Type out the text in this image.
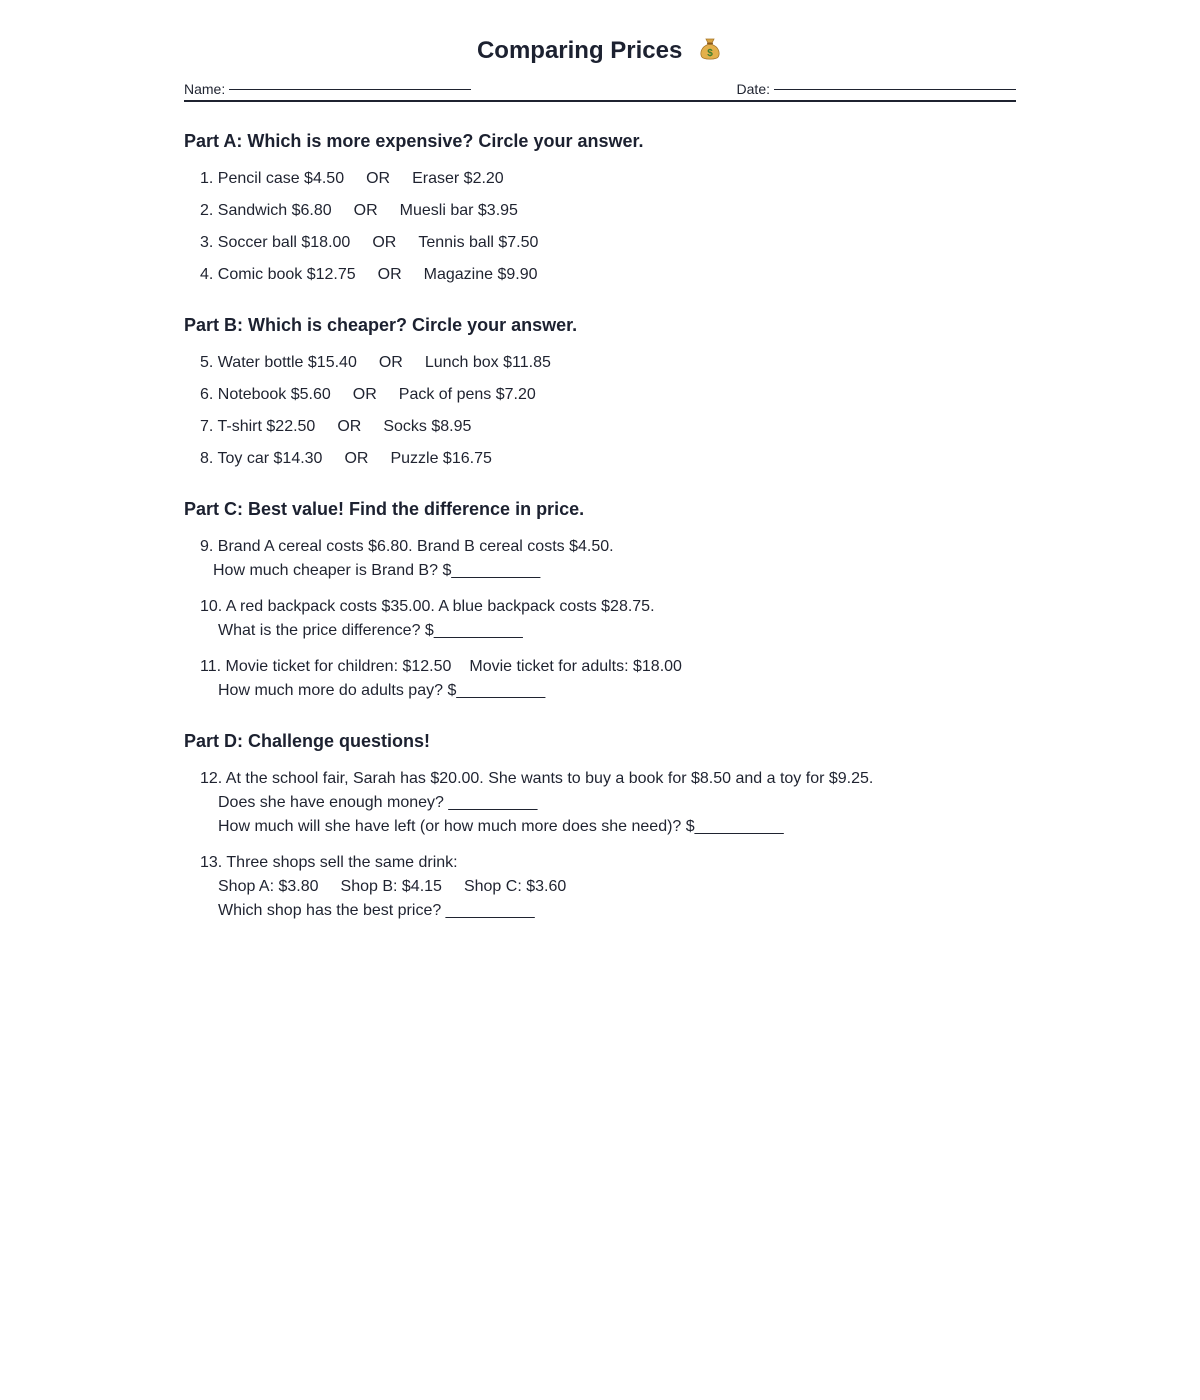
Comparing Prices $
Name:	Date:
Part A: Which is more expensive? Circle your answer.
1. Pencil case $4.50 OR Eraser $2.20
2. Sandwich $6.80 OR Muesli bar $3.95
3. Soccer ball $18.00 OR Tennis ball $7.50
4. Comic book $12.75 OR Magazine $9.90
Part B: Which is cheaper? Circle your answer.
5. Water bottle $15.40 OR Lunch box $11.85
6. Notebook $5.60 OR Pack of pens $7.20
7. T-shirt $22.50 OR Socks $8.95
8. Toy car $14.30 OR Puzzle $16.75
Part C: Best value! Find the difference in price.
9. Brand A cereal costs $6.80. Brand B cereal costs $4.50.
How much cheaper is Brand B? $__________
10. A red backpack costs $35.00. A blue backpack costs $28.75.
What is the price difference? $__________
11. Movie ticket for children: $12.50 Movie ticket for adults: $18.00
How much more do adults pay? $__________
Part D: Challenge questions!
12. At the school fair, Sarah has $20.00. She wants to buy a book for $8.50 and a toy for $9.25.
Does she have enough money? __________
How much will she have left (or how much more does she need)? $__________
13. Three shops sell the same drink:
Shop A: $3.80 Shop B: $4.15 Shop C: $3.60
Which shop has the best price? __________
